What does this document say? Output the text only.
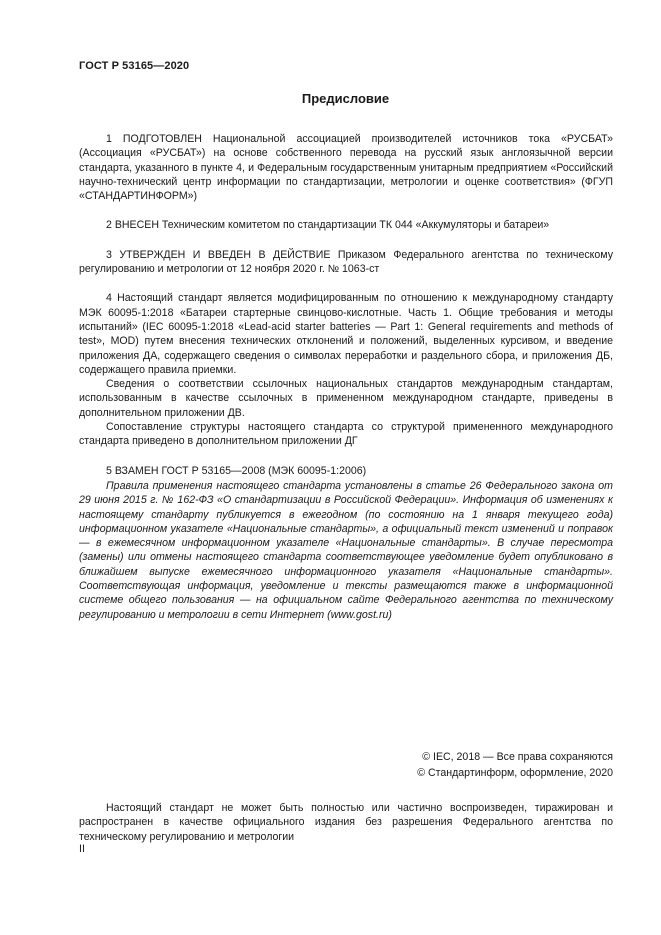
ГОСТ Р 53165—2020
Предисловие

1 ПОДГОТОВЛЕН Национальной ассоциацией производителей источников тока «РУСБАТ» (Ассоциация «РУСБАТ») на основе собственного перевода на русский язык англоязычной версии стандарта, указанного в пункте 4, и Федеральным государственным унитарным предприятием «Российский научно-технический центр информации по стандартизации, метрологии и оценке соответствия» (ФГУП «СТАНДАРТИНФОРМ»)

2 ВНЕСЕН Техническим комитетом по стандартизации ТК 044 «Аккумуляторы и батареи»

3 УТВЕРЖДЕН И ВВЕДЕН В ДЕЙСТВИЕ Приказом Федерального агентства по техническому регулированию и метрологии от 12 ноября 2020 г. № 1063-ст

4 Настоящий стандарт является модифицированным по отношению к международному стандарту МЭК 60095-1:2018 «Батареи стартерные свинцово-кислотные. Часть 1. Общие требования и методы испытаний» (IEC 60095-1:2018 «Lead-acid starter batteries — Part 1: General requirements and methods of test», MOD) путем внесения технических отклонений и положений, выделенных курсивом, и введение приложения ДА, содержащего сведения о символах переработки и раздельного сбора, и приложения ДБ, содержащего правила приемки.

Сведения о соответствии ссылочных национальных стандартов международным стандартам, использованным в качестве ссылочных в примененном международном стандарте, приведены в дополнительном приложении ДВ.

Сопоставление структуры настоящего стандарта со структурой примененного международного стандарта приведено в дополнительном приложении ДГ

5 ВЗАМЕН ГОСТ Р 53165—2008 (МЭК 60095-1:2006)

Правила применения настоящего стандарта установлены в статье 26 Федерального закона от 29 июня 2015 г. № 162-ФЗ «О стандартизации в Российской Федерации». Информация об изменениях к настоящему стандарту публикуется в ежегодном (по состоянию на 1 января текущего года) информационном указателе «Национальные стандарты», а официальный текст изменений и поправок — в ежемесячном информационном указателе «Национальные стандарты». В случае пересмотра (замены) или отмены настоящего стандарта соответствующее уведомление будет опубликовано в ближайшем выпуске ежемесячного информационного указателя «Национальные стандарты». Соответствующая информация, уведомление и тексты размещаются также в информационной системе общего пользования — на официальном сайте Федерального агентства по техническому регулированию и метрологии в сети Интернет (www.gost.ru)

© IEC, 2018 — Все права сохраняются
© Стандартинформ, оформление, 2020

Настоящий стандарт не может быть полностью или частично воспроизведен, тиражирован и распространен в качестве официального издания без разрешения Федерального агентства по техническому регулированию и метрологии

II
